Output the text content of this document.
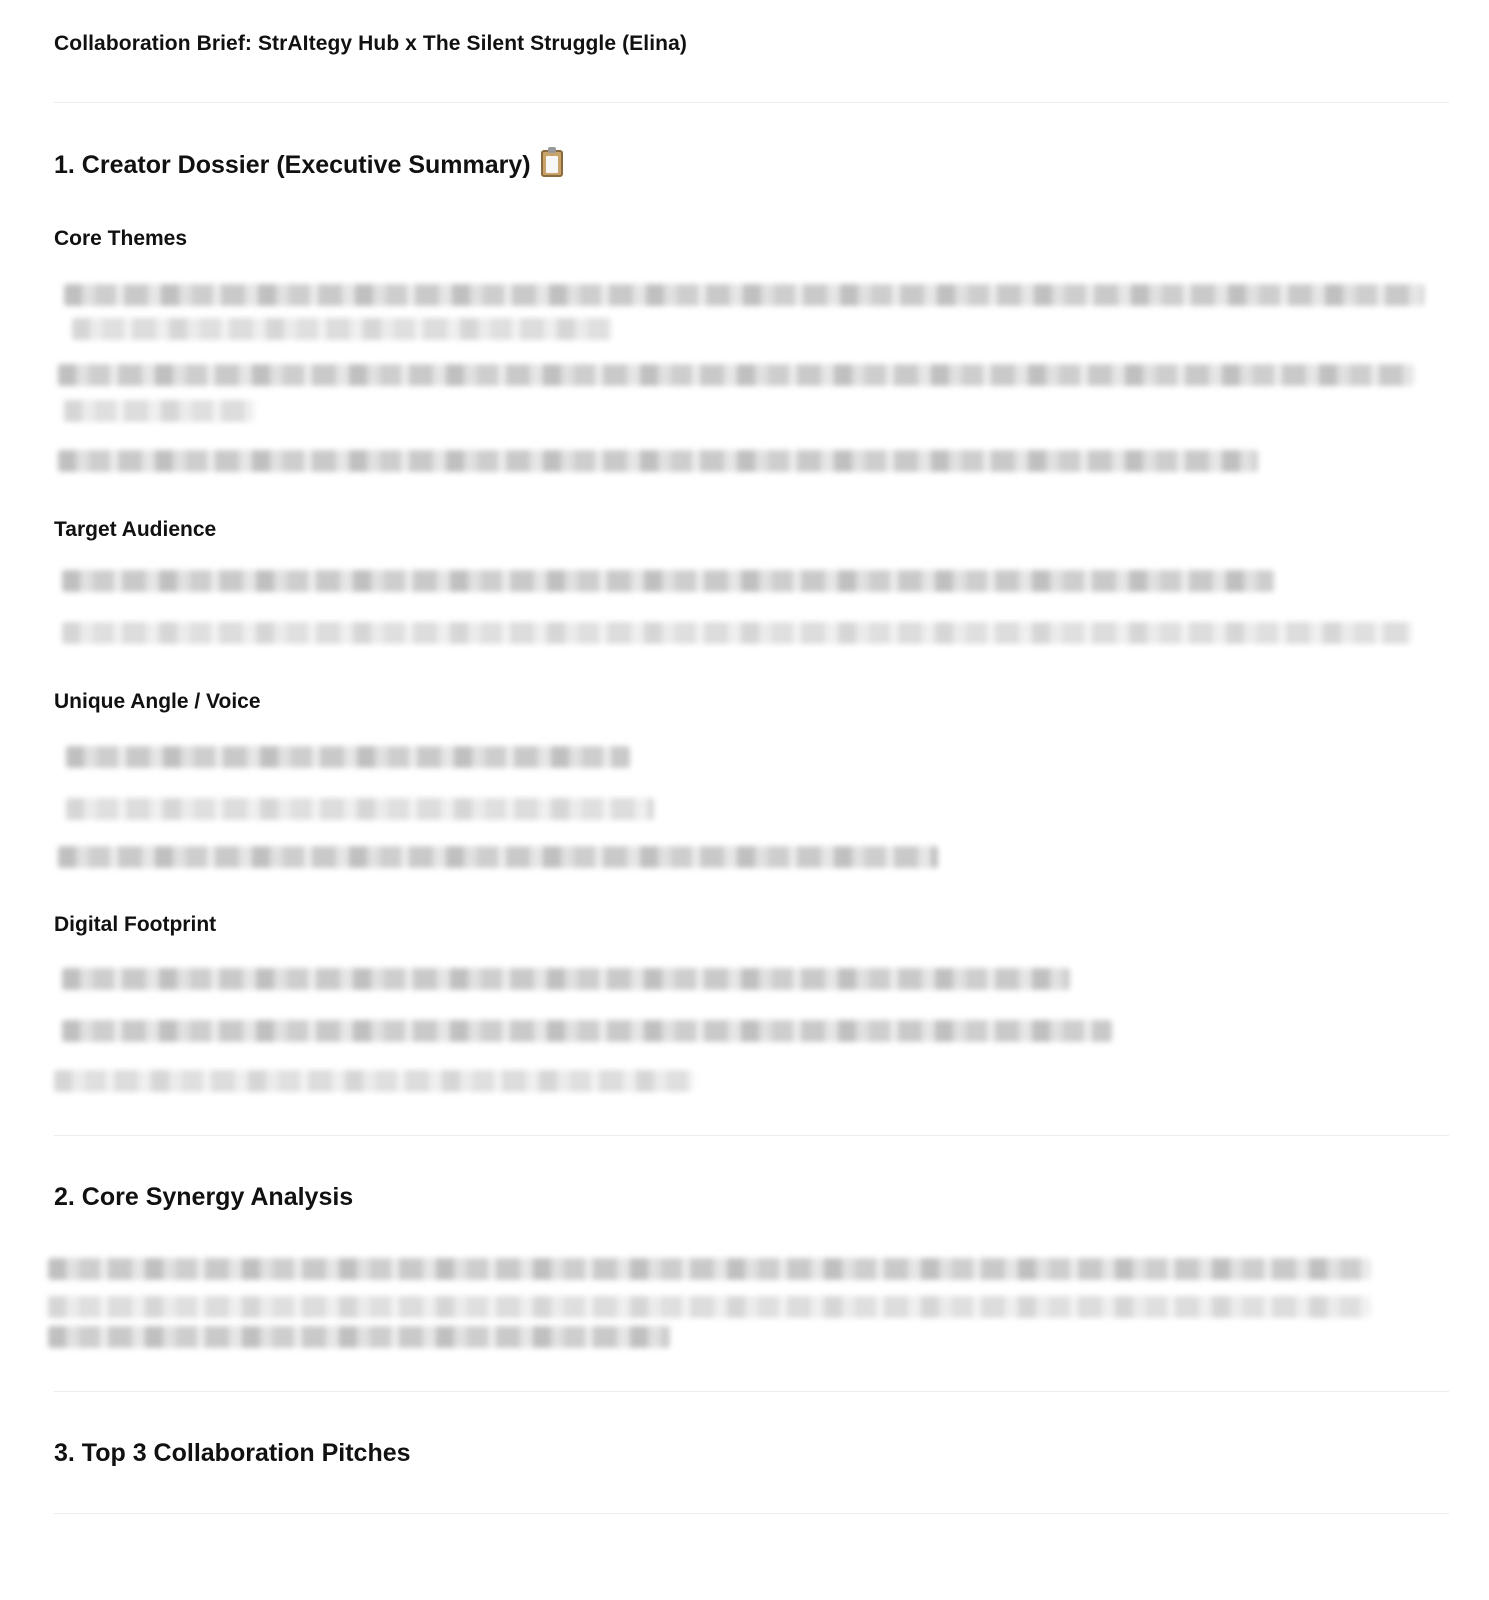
Collaboration Brief: StrAItegy Hub x The Silent Struggle (Elina)
1. Creator Dossier (Executive Summary)
Core Themes
Target Audience
Unique Angle / Voice
Digital Footprint
2. Core Synergy Analysis
3. Top 3 Collaboration Pitches
